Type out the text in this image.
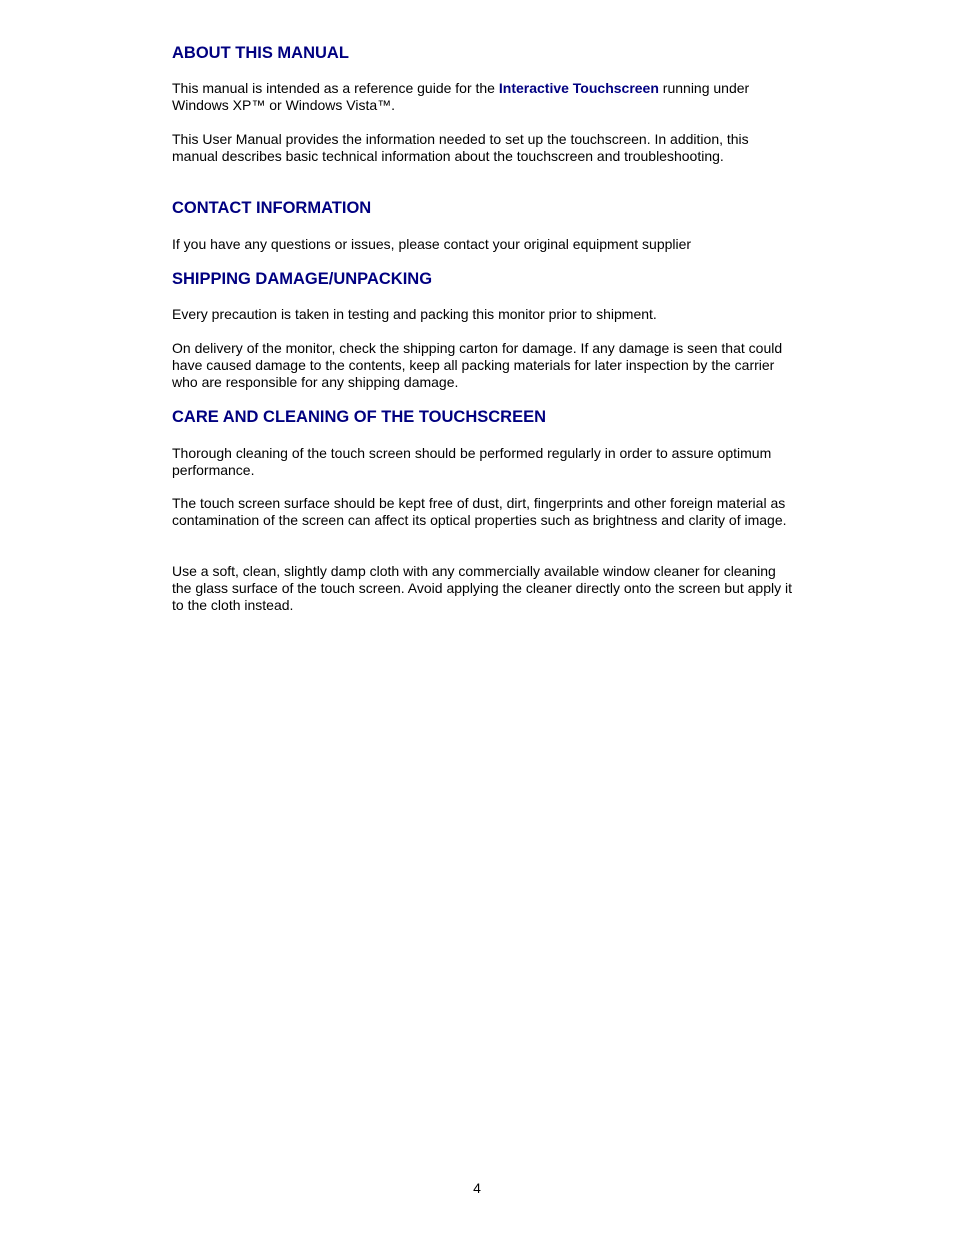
ABOUT THIS MANUAL

This manual is intended as a reference guide for the Interactive Touchscreen running under Windows XP™ or Windows Vista™.

This User Manual provides the information needed to set up the touchscreen. In addition, this manual describes basic technical information about the touchscreen and troubleshooting.

CONTACT INFORMATION

If you have any questions or issues, please contact your original equipment supplier

SHIPPING DAMAGE/UNPACKING

Every precaution is taken in testing and packing this monitor prior to shipment.

On delivery of the monitor, check the shipping carton for damage. If any damage is seen that could have caused damage to the contents, keep all packing materials for later inspection by the carrier who are responsible for any shipping damage.

CARE AND CLEANING OF THE TOUCHSCREEN

Thorough cleaning of the touch screen should be performed regularly in order to assure optimum performance.

The touch screen surface should be kept free of dust, dirt, fingerprints and other foreign material as contamination of the screen can affect its optical properties such as brightness and clarity of image.

Use a soft, clean, slightly damp cloth with any commercially available window cleaner for cleaning the glass surface of the touch screen. Avoid applying the cleaner directly onto the screen but apply it to the cloth instead.

4
